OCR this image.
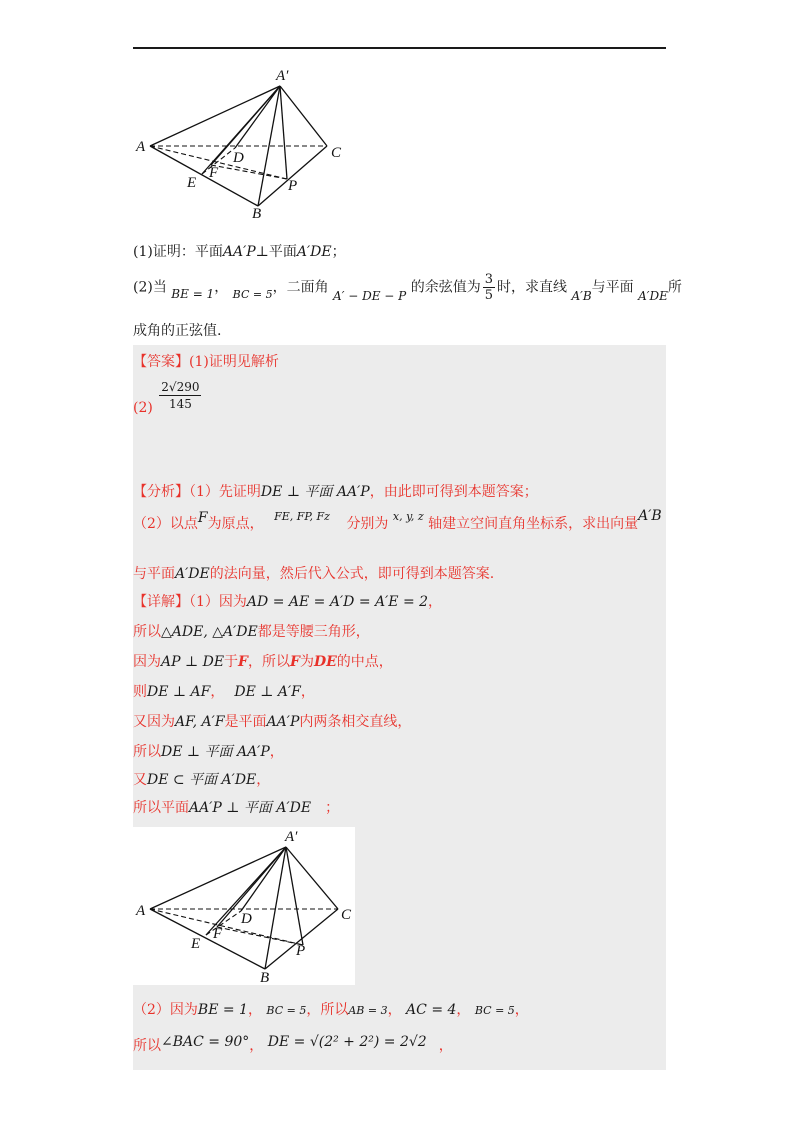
A′
A	C
D
E
F
P
B
(1)证明：平面AA′P⊥平面A′DE；
(2)当 BE = 1， $_{BC = 5}$，二面角 A′ − DE − P 的余弦值为 $\frac{3}{5}$ 时，求直线 A′B与平面 A′DE所
成角的正弦值.
【答案】(1)证明见解析
$(2) \frac{2√290}{145}$
【分析】（1）先证明DE ⊥ 平面 AA′P，由此即可得到本题答案；
（2）以点F为原点， $^{FE, FP, Fz}$ 分别为 $^{x, y, z}$ 轴建立空间直角坐标系，求出向量A′B
与平面A′DE的法向量，然后代入公式，即可得到本题答案.
【详解】（1）因为AD = AE = A′D = A′E = 2，
所以△ADE, △A′DE都是等腰三角形，
因为AP ⊥ DE于F，所以F为DE的中点，
则DE ⊥ AF， DE ⊥ A′F，
又因为AF, A′F是平面AA′P内两条相交直线，
所以DE ⊥ 平面 AA′P，
又DE ⊂ 平面 A′DE，
所以平面AA′P ⊥ 平面 A′DE ；
（2）因为BE = 1， BC = 5，所以AB = 3， AC = 4， BC = 5，
所以∠BAC = 90°， DE = √(2² + 2²) = 2√2 ，
A′
A	C
D
E
F
P
B
